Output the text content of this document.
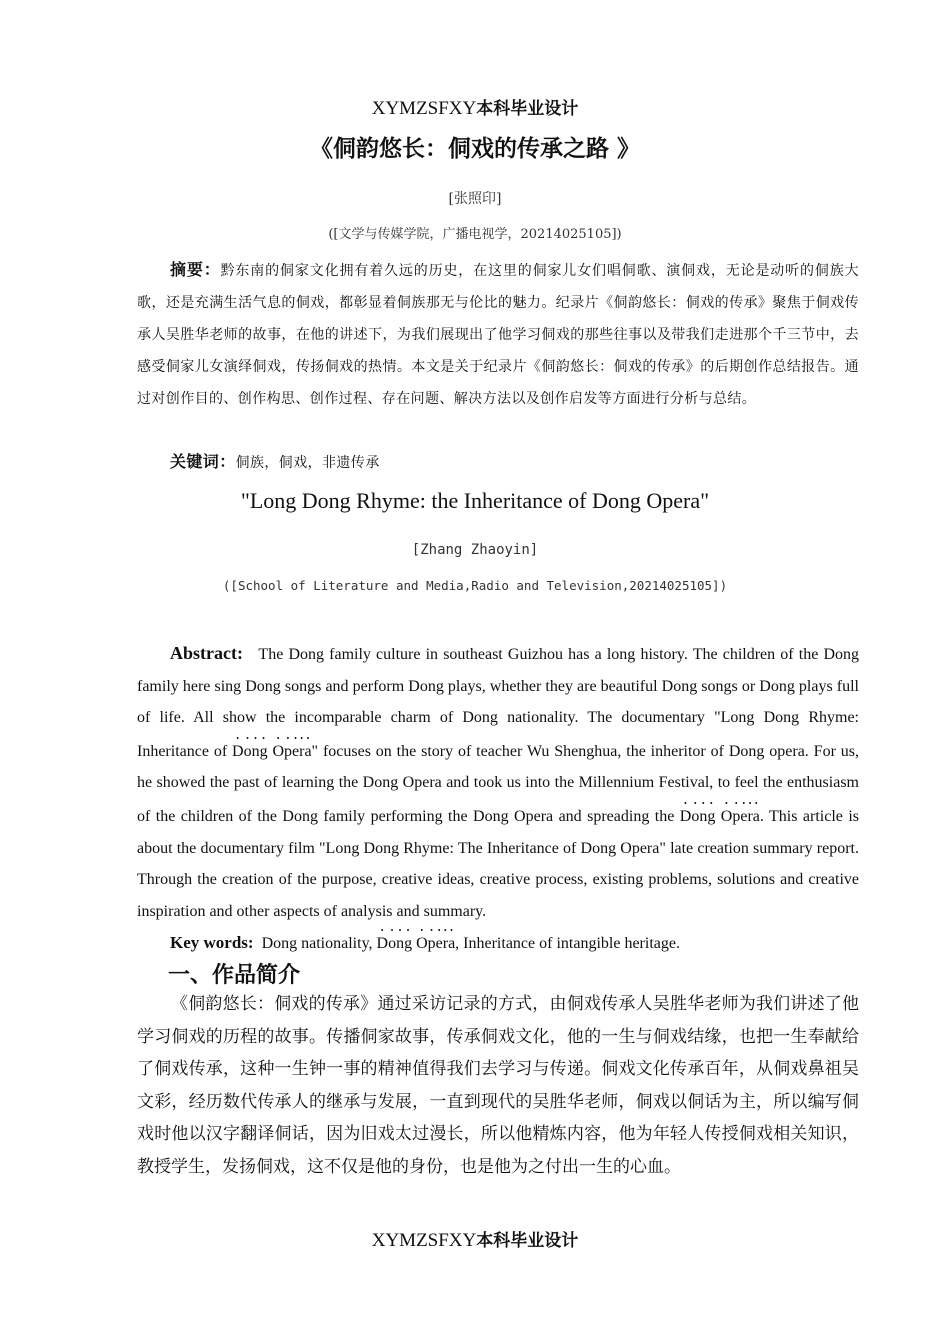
XYMZSFXY本科毕业设计
《侗韵悠长：侗戏的传承之路 》
[张照印]
([文学与传媒学院，广播电视学，20214025105])
摘要：黔东南的侗家文化拥有着久远的历史，在这里的侗家儿女们唱侗歌、演侗戏，无论是动听的侗族大歌，还是充满生活气息的侗戏，都彰显着侗族那无与伦比的魅力。纪录片《侗韵悠长：侗戏的传承》聚焦于侗戏传承人吴胜华老师的故事，在他的讲述下，为我们展现出了他学习侗戏的那些往事以及带我们走进那个千三节中，去感受侗家儿女演绎侗戏，传扬侗戏的热情。本文是关于纪录片《侗韵悠长：侗戏的传承》的后期创作总结报告。通过对创作目的、创作构思、创作过程、存在问题、解决方法以及创作启发等方面进行分析与总结。
关键词：侗族，侗戏，非遗传承
"Long Dong Rhyme: the Inheritance of Dong Opera"
[Zhang Zhaoyin]
([School of Literature and Media,Radio and Television,20214025105])
Abstract: The Dong family culture in southeast Guizhou has a long history. The children of the Dong family here sing Dong songs and perform Dong plays, whether they are beautiful Dong songs or Dong plays full of life. All show the incomparable charm of Dong nationality. The documentary "Long Dong Rhyme: Inheritance of Dong Opera" focuses on the story of teacher Wu Shenghua, the inheritor of Dong opera. For us, he showed the past of learning the Dong Opera and took us into the Millennium Festival, to feel the enthusiasm of the children of the Dong family performing the Dong Opera and spreading the Dong Opera. This article is about the documentary film "Long Dong Rhyme: The Inheritance of Dong Opera" late creation summary report. Through the creation of the purpose, creative ideas, creative process, existing problems, solutions and creative inspiration and other aspects of analysis and summary.
Key words: Dong nationality, Dong Opera, Inheritance of intangible heritage.
一、作品简介
《侗韵悠长：侗戏的传承》通过采访记录的方式，由侗戏传承人吴胜华老师为我们讲述了他学习侗戏的历程的故事。传播侗家故事，传承侗戏文化，他的一生与侗戏结缘，也把一生奉献给了侗戏传承，这种一生钟一事的精神值得我们去学习与传递。侗戏文化传承百年，从侗戏鼻祖吴文彩，经历数代传承人的继承与发展，一直到现代的吴胜华老师，侗戏以侗话为主，所以编写侗戏时他以汉字翻译侗话，因为旧戏太过漫长，所以他精炼内容，他为年轻人传授侗戏相关知识，教授学生，发扬侗戏，这不仅是他的身份，也是他为之付出一生的心血。
XYMZSFXY本科毕业设计
